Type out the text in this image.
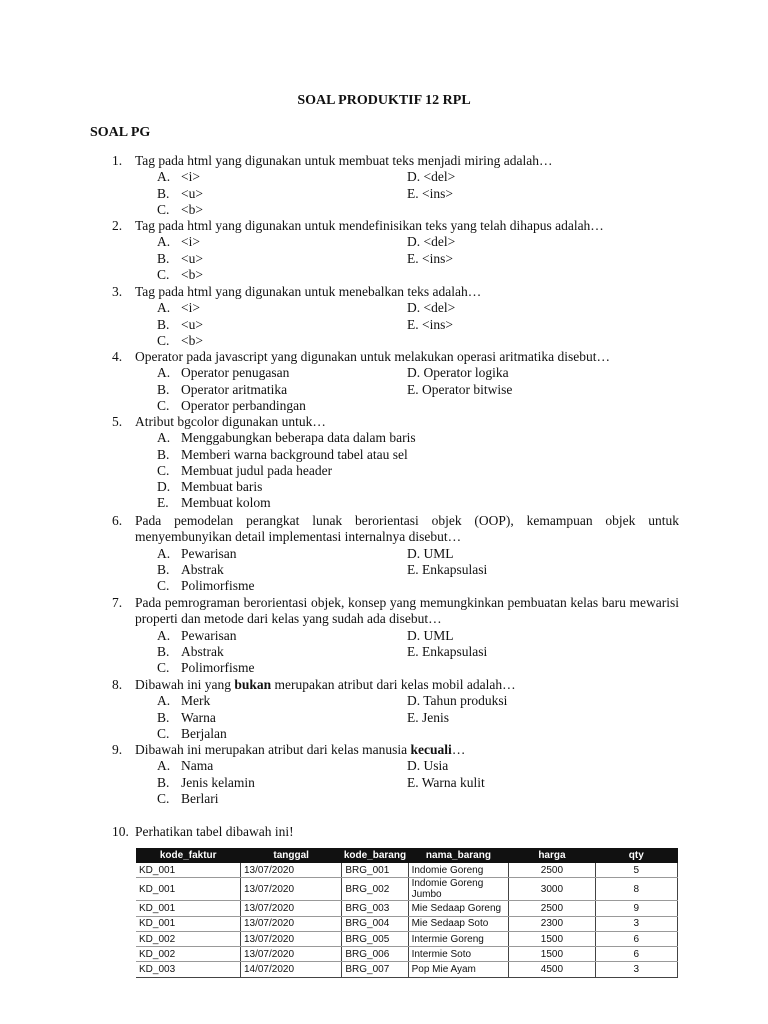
SOAL PRODUKTIF 12 RPL
SOAL PG
1. Tag pada html yang digunakan untuk membuat teks menjadi miring adalah…
A. <i>	D. <del>
B. <u>	E. <ins>
C. <b>
2. Tag pada html yang digunakan untuk mendefinisikan teks yang telah dihapus adalah…
A. <i>	D. <del>
B. <u>	E. <ins>
C. <b>
3. Tag pada html yang digunakan untuk menebalkan teks adalah…
A. <i>	D. <del>
B. <u>	E. <ins>
C. <b>
4. Operator pada javascript yang digunakan untuk melakukan operasi aritmatika disebut…
A. Operator penugasan	D. Operator logika
B. Operator aritmatika	E. Operator bitwise
C. Operator perbandingan
5. Atribut bgcolor digunakan untuk…
A. Menggabungkan beberapa data dalam baris
B. Memberi warna background tabel atau sel
C. Membuat judul pada header
D. Membuat baris
E. Membuat kolom
6. Pada pemodelan perangkat lunak berorientasi objek (OOP), kemampuan objek untuk menyembunyikan detail implementasi internalnya disebut…
A. Pewarisan	D. UML
B. Abstrak	E. Enkapsulasi
C. Polimorfisme
7. Pada pemrograman berorientasi objek, konsep yang memungkinkan pembuatan kelas baru mewarisi properti dan metode dari kelas yang sudah ada disebut…
A. Pewarisan	D. UML
B. Abstrak	E. Enkapsulasi
C. Polimorfisme
8. Dibawah ini yang bukan merupakan atribut dari kelas mobil adalah…
A. Merk	D. Tahun produksi
B. Warna	E. Jenis
C. Berjalan
9. Dibawah ini merupakan atribut dari kelas manusia kecuali…
A. Nama	D. Usia
B. Jenis kelamin	E. Warna kulit
C. Berlari
10. Perhatikan tabel dibawah ini!
kode_faktur	tanggal	kode_barang	nama_barang	harga	qty
KD_001	13/07/2020	BRG_001	Indomie Goreng	2500	5
KD_001	13/07/2020	BRG_002	Indomie Goreng Jumbo	3000	8
KD_001	13/07/2020	BRG_003	Mie Sedaap Goreng	2500	9
KD_001	13/07/2020	BRG_004	Mie Sedaap Soto	2300	3
KD_002	13/07/2020	BRG_005	Intermie Goreng	1500	6
KD_002	13/07/2020	BRG_006	Intermie Soto	1500	6
KD_003	14/07/2020	BRG_007	Pop Mie Ayam	4500	3
